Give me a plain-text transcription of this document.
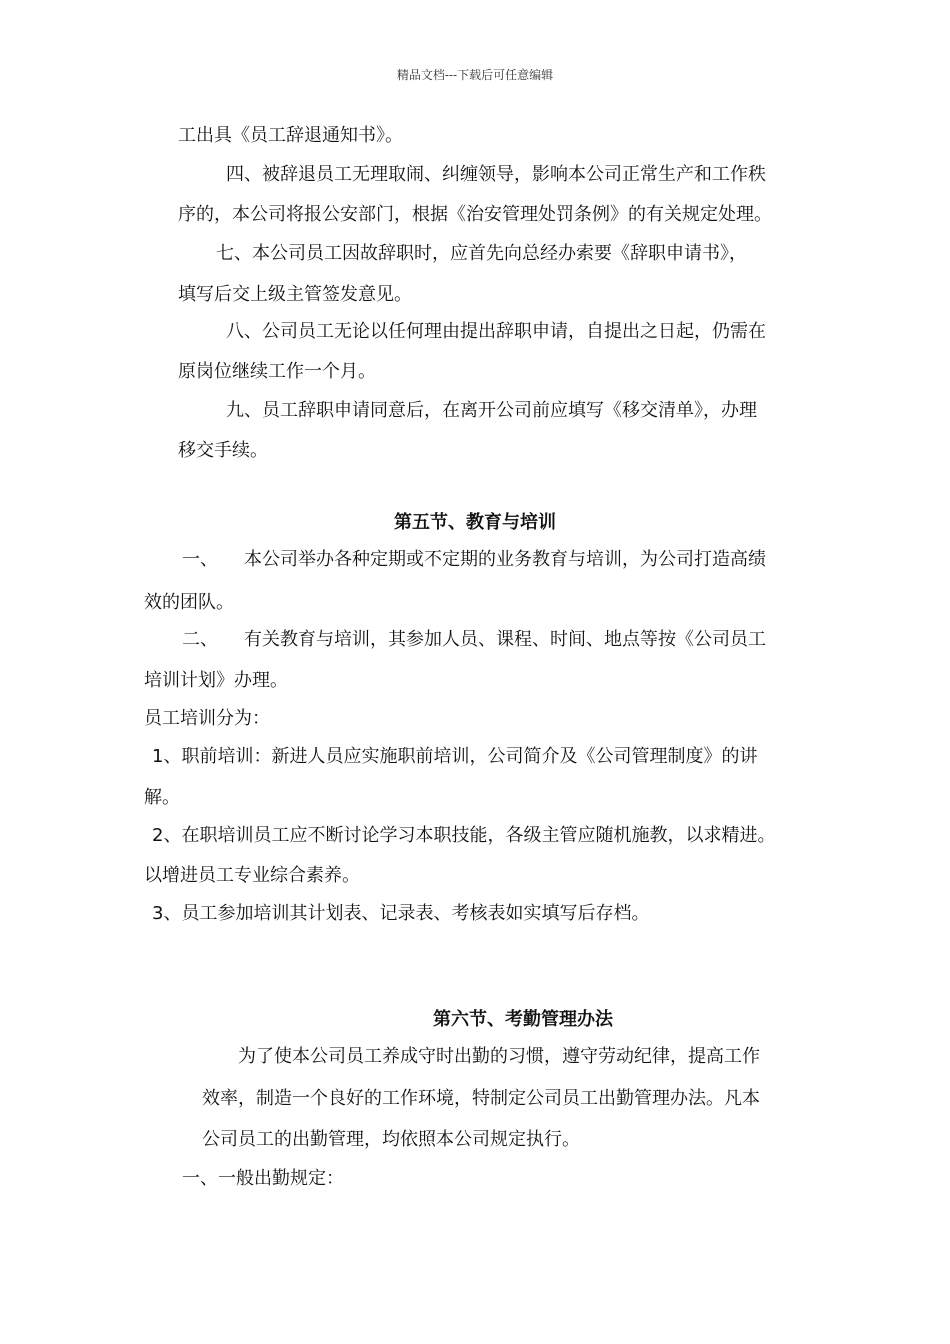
精品文档---下载后可任意编辑
工出具《员工辞退通知书》。
四、被辞退员工无理取闹、纠缠领导，影响本公司正常生产和工作秩
序的，本公司将报公安部门，根据《治安管理处罚条例》的有关规定处理。
七、本公司员工因故辞职时，应首先向总经办索要《辞职申请书》，
填写后交上级主管签发意见。
八、公司员工无论以任何理由提出辞职申请，自提出之日起，仍需在
原岗位继续工作一个月。
九、员工辞职申请同意后，在离开公司前应填写《移交清单》，办理
移交手续。
第五节、教育与培训
一、 本公司举办各种定期或不定期的业务教育与培训，为公司打造高绩
效的团队。
二、 有关教育与培训，其参加人员、课程、时间、地点等按《公司员工
培训计划》办理。
员工培训分为：
1、职前培训：新进人员应实施职前培训，公司简介及《公司管理制度》的讲
解。
2、在职培训员工应不断讨论学习本职技能，各级主管应随机施教，以求精进。
以增进员工专业综合素养。
3、员工参加培训其计划表、记录表、考核表如实填写后存档。
第六节、考勤管理办法
为了使本公司员工养成守时出勤的习惯，遵守劳动纪律，提高工作
效率，制造一个良好的工作环境，特制定公司员工出勤管理办法。凡本
公司员工的出勤管理，均依照本公司规定执行。
一、一般出勤规定：
